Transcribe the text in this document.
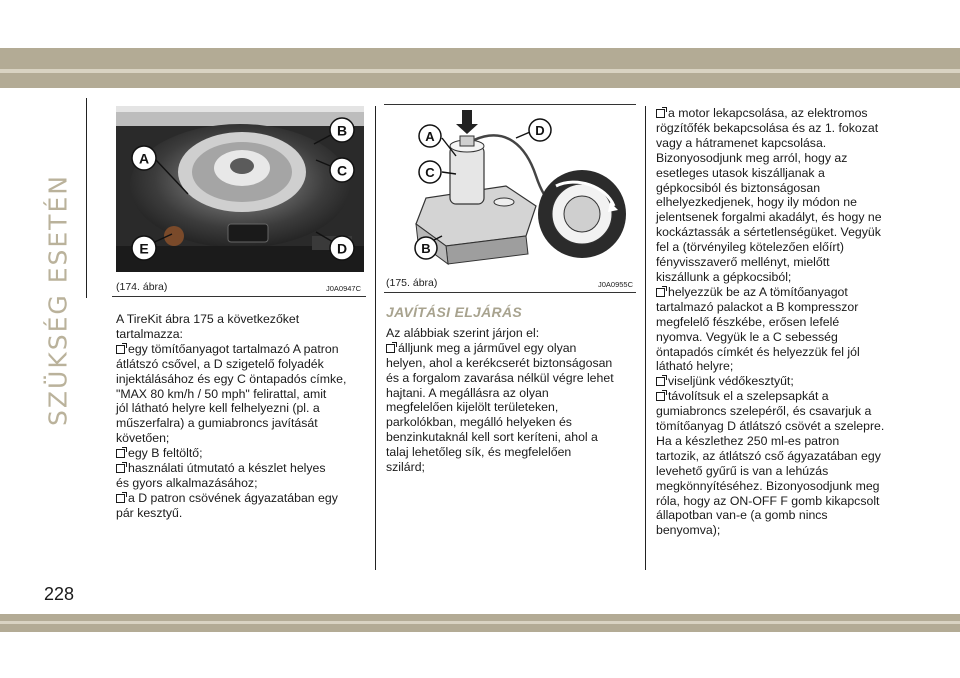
SZÜKSÉG ESETÉN
A
B
C
E	D
(174. ábra)	J0A0947C
A
C
D
B
(175. ábra)	J0A0955C

A TireKit ábra 175 a következőket

tartalmazza:

egy tömítőanyagot tartalmazó A patron

átlátszó csővel, a D szigetelő folyadék

injektálásához és egy C öntapadós címke,

"MAX 80 km/h / 50 mph" felirattal, amit

jól látható helyre kell felhelyezni (pl. a

műszerfalra) a gumiabroncs javítását

követően;

egy B feltöltő;

használati útmutató a készlet helyes

és gyors alkalmazásához;

a D patron csövének ágyazatában egy

pár kesztyű.

JAVÍTÁSI ELJÁRÁS

Az alábbiak szerint járjon el:

álljunk meg a járművel egy olyan

helyen, ahol a kerékcserét biztonságosan

és a forgalom zavarása nélkül végre lehet

hajtani. A megállásra az olyan

megfelelően kijelölt területeken,

parkolókban, megálló helyeken és

benzinkutaknál kell sort keríteni, ahol a

talaj lehetőleg sík, és megfelelően

szilárd;

a motor lekapcsolása, az elektromos

rögzítőfék bekapcsolása és az 1. fokozat

vagy a hátramenet kapcsolása.

Bizonyosodjunk meg arról, hogy az

esetleges utasok kiszálljanak a

gépkocsiból és biztonságosan

elhelyezkedjenek, hogy ily módon ne

jelentsenek forgalmi akadályt, és hogy ne

kockáztassák a sértetlenségüket. Vegyük

fel a (törvényileg kötelezően előírt)

fényvisszaverő mellényt, mielőtt

kiszállunk a gépkocsiból;

helyezzük be az A tömítőanyagot

tartalmazó palackot a B kompresszor

megfelelő fészkébe, erősen lefelé

nyomva. Vegyük le a C sebesség

öntapadós címkét és helyezzük fel jól

látható helyre;

viseljünk védőkesztyűt;

távolítsuk el a szelepsapkát a

gumiabroncs szelepéről, és csavarjuk a

tömítőanyag D átlátszó csövét a szelepre.

Ha a készlethez 250 ml-es patron

tartozik, az átlátszó cső ágyazatában egy

levehető gyűrű is van a lehúzás

megkönnyítéséhez. Bizonyosodjunk meg

róla, hogy az ON-OFF F gomb kikapcsolt

állapotban van-e (a gomb nincs

benyomva);

228
